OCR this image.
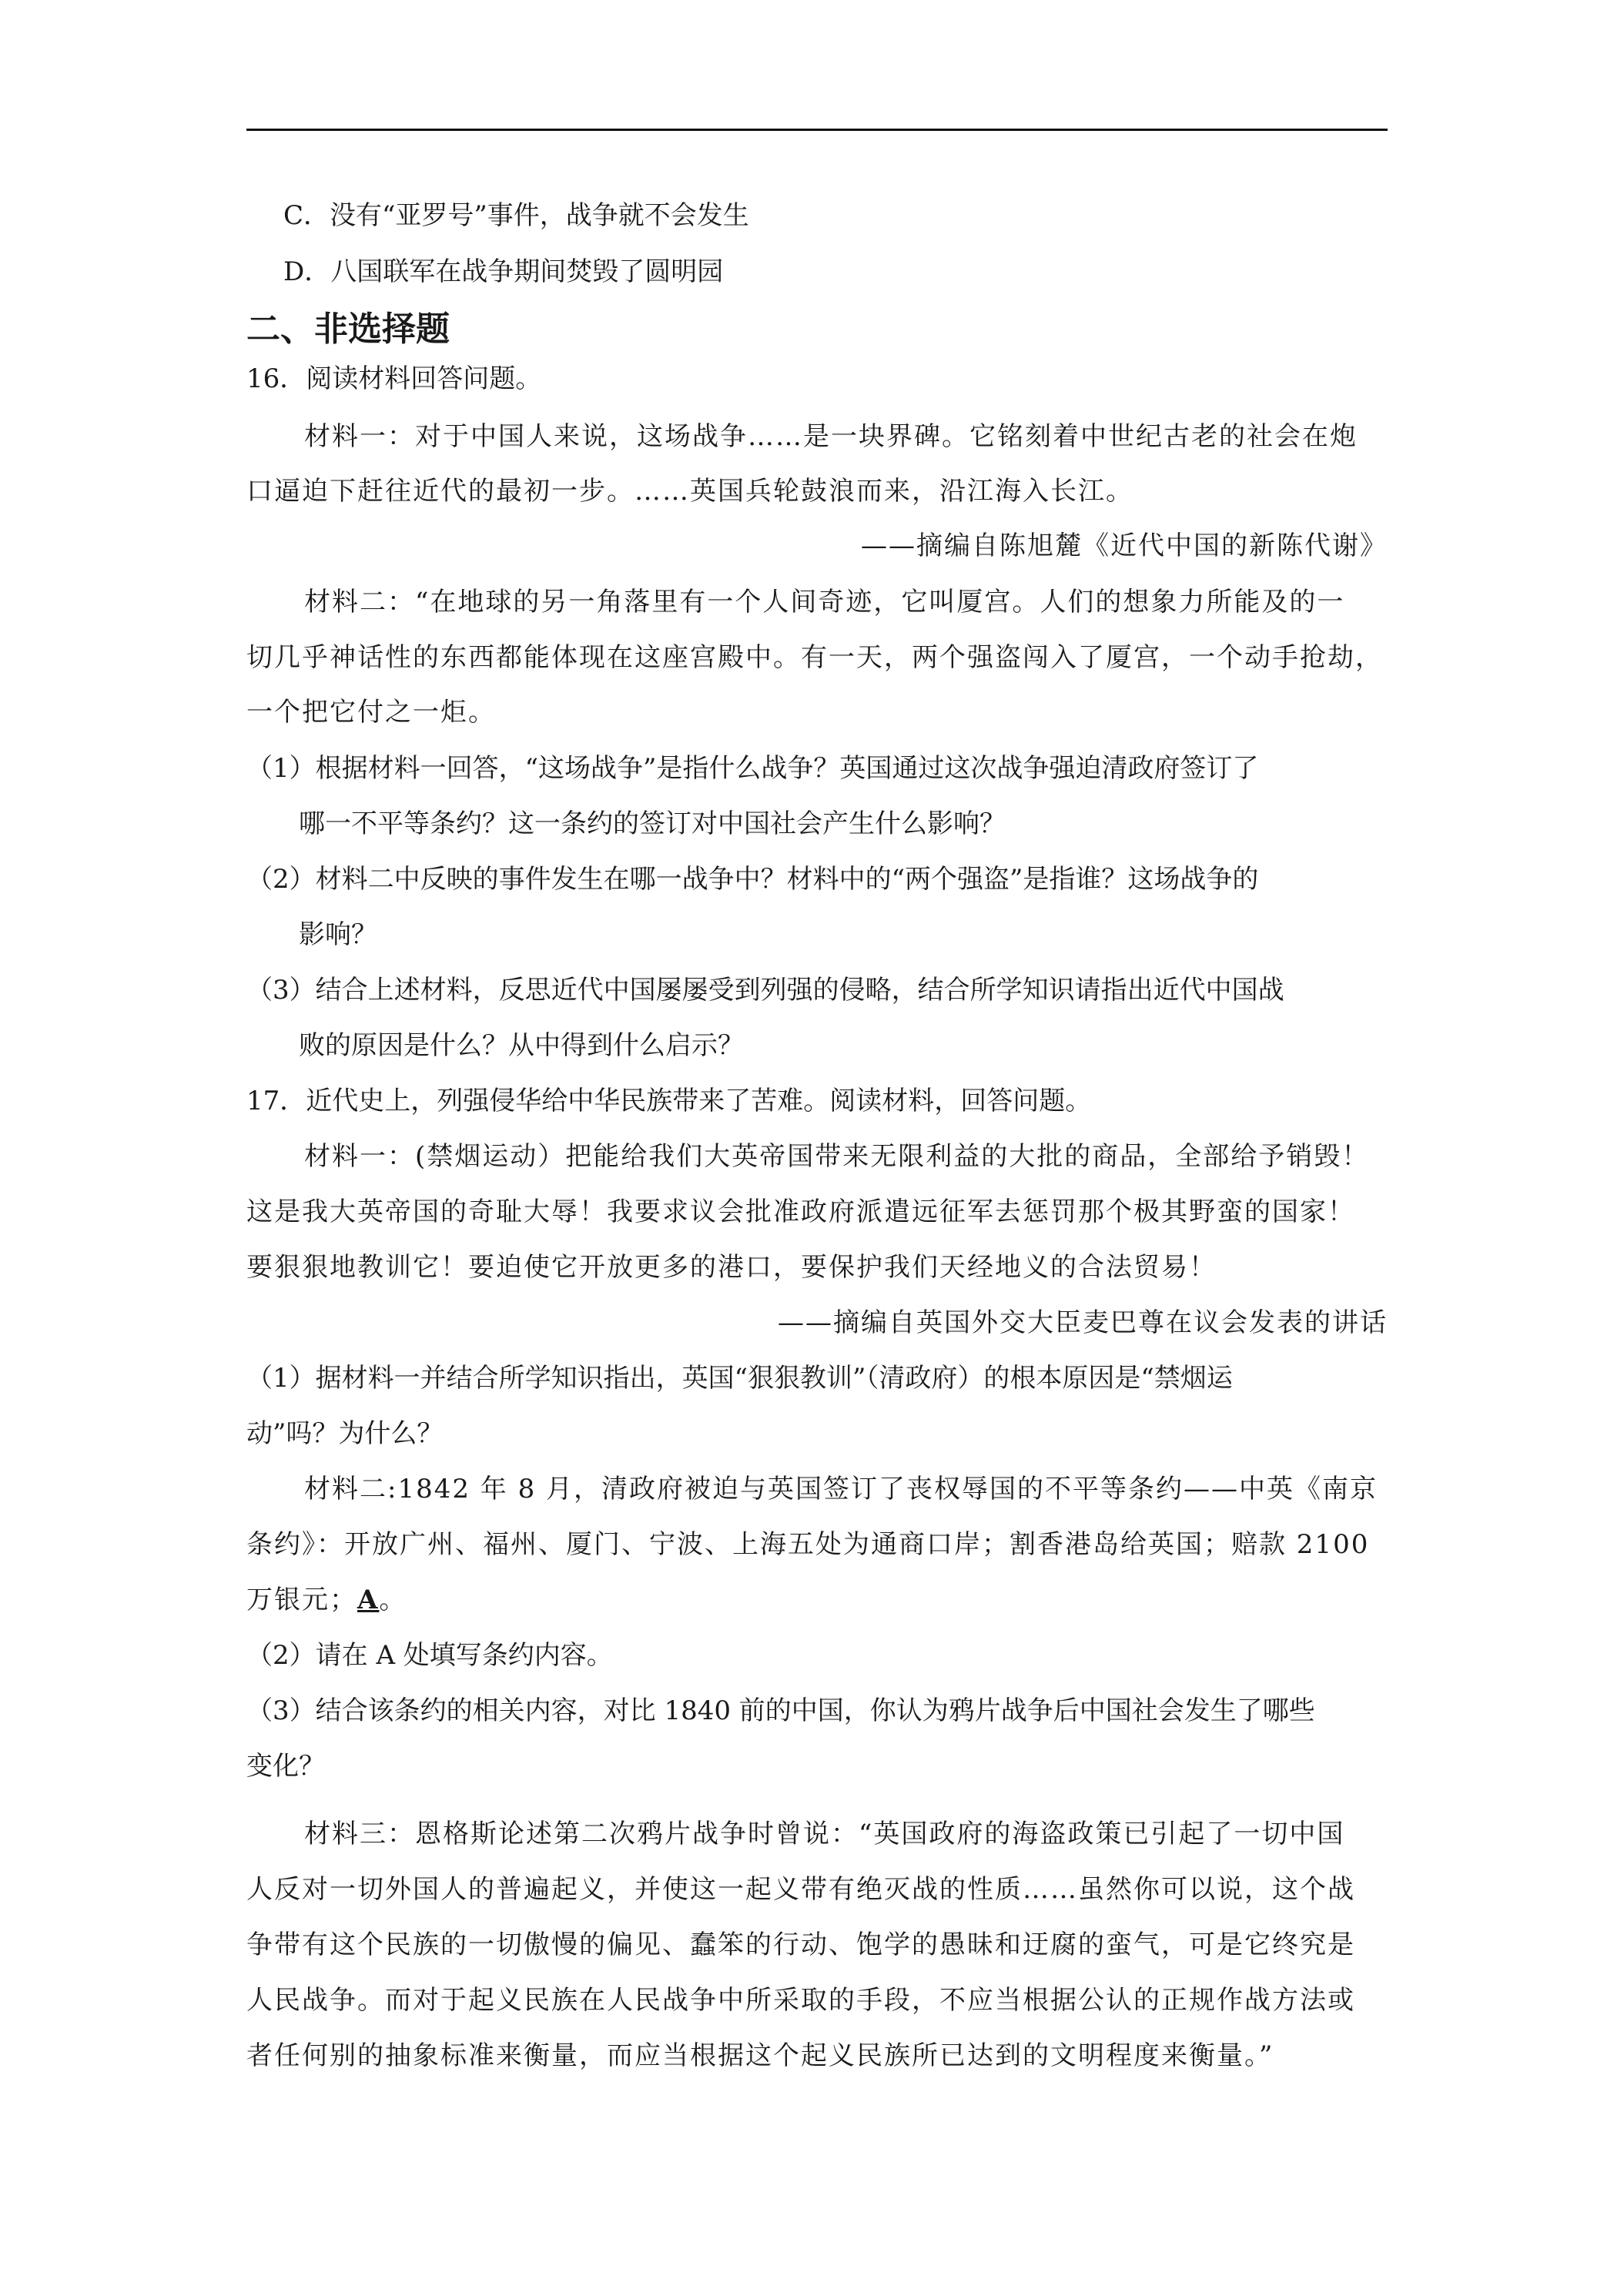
C．没有“亚罗号”事件，战争就不会发生
D．八国联军在战争期间焚毁了圆明园
二、非选择题
16．阅读材料回答问题。
材料一：对于中国人来说，这场战争……是一块界碑。它铭刻着中世纪古老的社会在炮
口逼迫下赶往近代的最初一步。……英国兵轮鼓浪而来，沿江海入长江。
——摘编自陈旭麓《近代中国的新陈代谢》
材料二：“在地球的另一角落里有一个人间奇迹，它叫厦宫。人们的想象力所能及的一
切几乎神话性的东西都能体现在这座宫殿中。有一天，两个强盗闯入了厦宫，一个动手抢劫，
一个把它付之一炬。
（1）根据材料一回答，“这场战争”是指什么战争？英国通过这次战争强迫清政府签订了
哪一不平等条约？这一条约的签订对中国社会产生什么影响？
（2）材料二中反映的事件发生在哪一战争中？材料中的“两个强盗”是指谁？这场战争的
影响？
（3）结合上述材料，反思近代中国屡屡受到列强的侵略，结合所学知识请指出近代中国战
败的原因是什么？从中得到什么启示？
17．近代史上，列强侵华给中华民族带来了苦难。阅读材料，回答问题。
材料一：(禁烟运动）把能给我们大英帝国带来无限利益的大批的商品，全部给予销毁！
这是我大英帝国的奇耻大辱！我要求议会批准政府派遣远征军去惩罚那个极其野蛮的国家！
要狠狠地教训它！要迫使它开放更多的港口，要保护我们天经地义的合法贸易！
——摘编自英国外交大臣麦巴尊在议会发表的讲话
（1）据材料一并结合所学知识指出，英国“狠狠教训”（清政府）的根本原因是“禁烟运
动”吗？为什么？
材料二:1842 年 8 月，清政府被迫与英国签订了丧权辱国的不平等条约——中英《南京
条约》：开放广州、福州、厦门、宁波、上海五处为通商口岸；割香港岛给英国；赔款 2100
万银元；A。
（2）请在 A 处填写条约内容。
（3）结合该条约的相关内容，对比 1840 前的中国，你认为鸦片战争后中国社会发生了哪些
变化？
材料三：恩格斯论述第二次鸦片战争时曾说：“英国政府的海盗政策已引起了一切中国
人反对一切外国人的普遍起义，并使这一起义带有绝灭战的性质……虽然你可以说，这个战
争带有这个民族的一切傲慢的偏见、蠢笨的行动、饱学的愚昧和迂腐的蛮气，可是它终究是
人民战争。而对于起义民族在人民战争中所采取的手段，不应当根据公认的正规作战方法或
者任何别的抽象标准来衡量，而应当根据这个起义民族所已达到的文明程度来衡量。”
